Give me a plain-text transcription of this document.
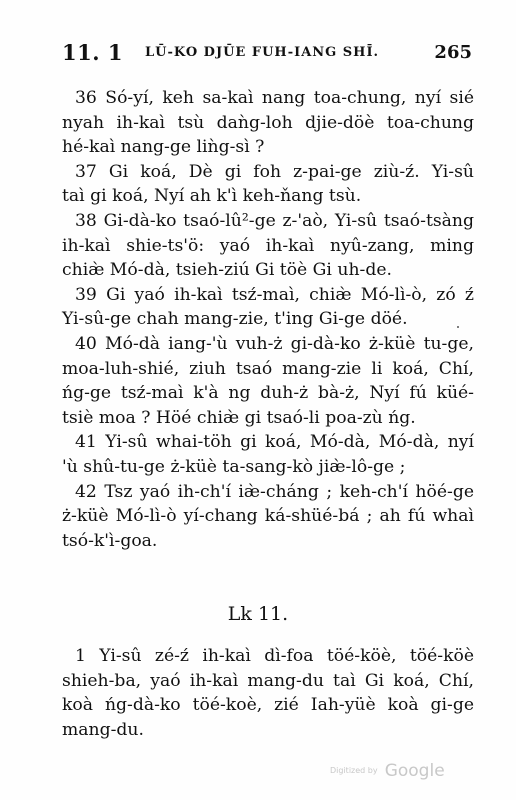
11. 1 LŪ-KO DJŪE FUH-IANG SHĪ.	265
36 Só-yí, keh sa-kaì nang toa-chung, nyí sié
nyah ih-kaì tsù daǹg-loh djie-döè toa-chung
hé-kaì nang-ge liǹg-sì ?
37 Gi koá, Dè gi foh z-pai-ge ziù-ź. Yi-sû
taì gi koá, Nyí ah k'ì keh-ňang tsù.
38 Gi-dà-ko tsaó-lû²-ge z-'aò, Yi-sû tsaó-tsàng
ih-kaì shie-ts'ö: yaó ih-kaì nyû-zang, ming
chiæ̀ Mó-dà, tsieh-ziú Gi töè Gi uh-de.
39 Gi yaó ih-kaì tsź-maì, chiæ̀ Mó-lì-ò, zó ź
Yi-sû-ge chah mang-zie, t'ing Gi-ge döé.
40 Mó-dà iang-'ù vuh-ż gi-dà-ko ż-küè tu-ge,
moa-luh-shié, ziuh tsaó mang-zie li koá, Chí,
ńg-ge tsź-maì k'à ng duh-ż bà-ż, Nyí fú küé-
tsiè moa ? Höé chiæ̀ gi tsaó-li poa-zù ńg.
41 Yi-sû whai-töh gi koá, Mó-dà, Mó-dà, nyí
'ù shû-tu-ge ż-küè ta-sang-kò jiæ̀-lô-ge ;
42 Tsz yaó ih-ch'í iæ̀-cháng ; keh-ch'í höé-ge
ż-küè Mó-lì-ò yí-chang ká-shüé-bá ; ah fú whaì
tsó-k'ì-goa.
Lk 11.
1 Yi-sû zé-ź ih-kaì dì-foa töé-köè, töé-köè
shieh-ba, yaó ih-kaì mang-du taì Gi koá, Chí,
koà ńg-dà-ko töé-koè, zié Iah-yüè koà gi-ge
mang-du.
Digitized by Google
